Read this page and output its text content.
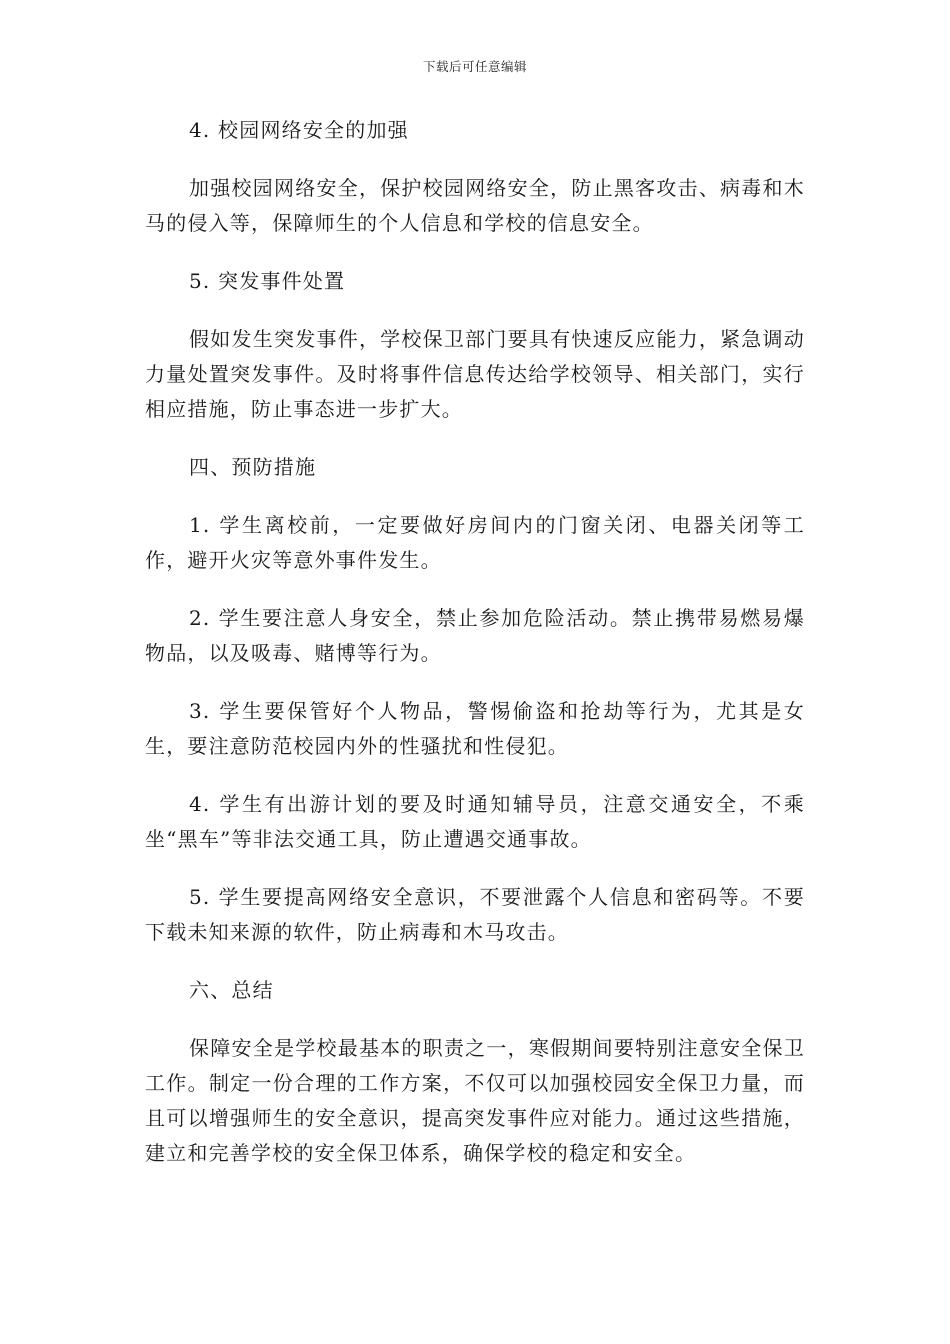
下载后可任意编辑

4. 校园网络安全的加强

加强校园网络安全，保护校园网络安全，防止黑客攻击、病毒和木马的侵入等，保障师生的个人信息和学校的信息安全。

5. 突发事件处置

假如发生突发事件，学校保卫部门要具有快速反应能力，紧急调动力量处置突发事件。及时将事件信息传达给学校领导、相关部门，实行相应措施，防止事态进一步扩大。

四、预防措施

1. 学生离校前，一定要做好房间内的门窗关闭、电器关闭等工作，避开火灾等意外事件发生。

2. 学生要注意人身安全，禁止参加危险活动。禁止携带易燃易爆物品，以及吸毒、赌博等行为。

3. 学生要保管好个人物品，警惕偷盗和抢劫等行为，尤其是女生，要注意防范校园内外的性骚扰和性侵犯。

4. 学生有出游计划的要及时通知辅导员，注意交通安全，不乘坐“黑车”等非法交通工具，防止遭遇交通事故。

5. 学生要提高网络安全意识，不要泄露个人信息和密码等。不要下载未知来源的软件，防止病毒和木马攻击。

六、总结

保障安全是学校最基本的职责之一，寒假期间要特别注意安全保卫工作。制定一份合理的工作方案，不仅可以加强校园安全保卫力量，而且可以增强师生的安全意识，提高突发事件应对能力。通过这些措施，建立和完善学校的安全保卫体系，确保学校的稳定和安全。
